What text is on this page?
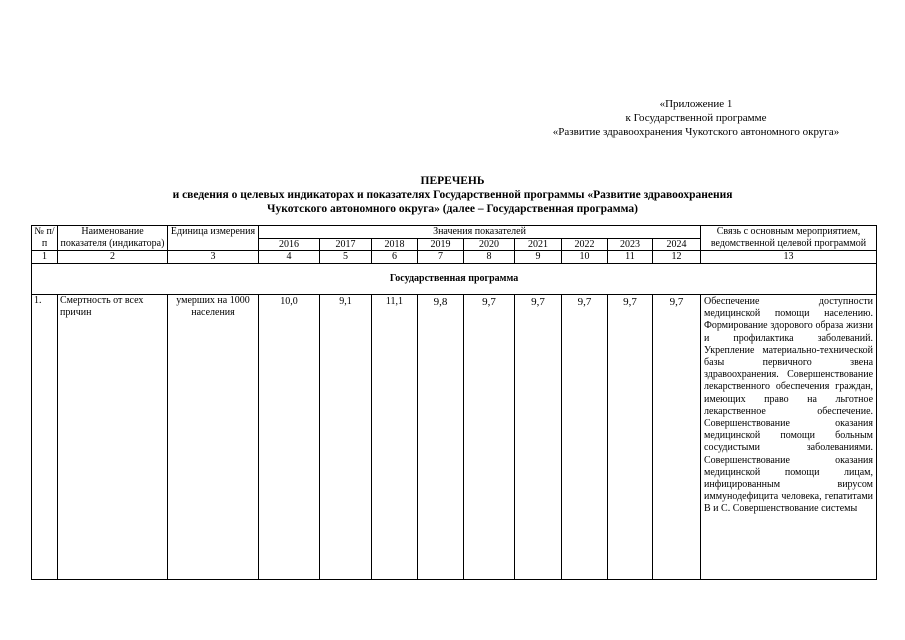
«Приложение 1
к Государственной программе
«Развитие здравоохранения Чукотского автономного округа»
ПЕРЕЧЕНЬ
и сведения о целевых индикаторах и показателях Государственной программы «Развитие здравоохранения
Чукотского автономного округа» (далее – Государственная программа)
№ п/п	Наименование показателя (индикатора)	Единица измерения	Значения показателей									Связь с основным мероприятием, ведомственной целевой программой
			2016	2017	2018	2019	2020	2021	2022	2023	2024	
1	2	3	4	5	6	7	8	9	10	11	12	13
Государственная программа												
1.	Смертность от всех причин	умерших на 1000 населения	10,0	9,1	11,1	9,8	9,7	9,7	9,7	9,7	9,7	Обеспечение доступности медицинской помощи населению. Формирование здорового образа жизни и профилактика заболеваний. Укрепление материально-технической базы первичного звена здравоохранения. Совершенствование лекарственного обеспечения граждан, имеющих право на льготное лекарственное обеспечение. Совершенствование оказания медицинской помощи больным сосудистыми заболеваниями. Совершенствование оказания медицинской помощи лицам, инфицированным вирусом иммунодефицита человека, гепатитами В и С. Совершенствование системы
